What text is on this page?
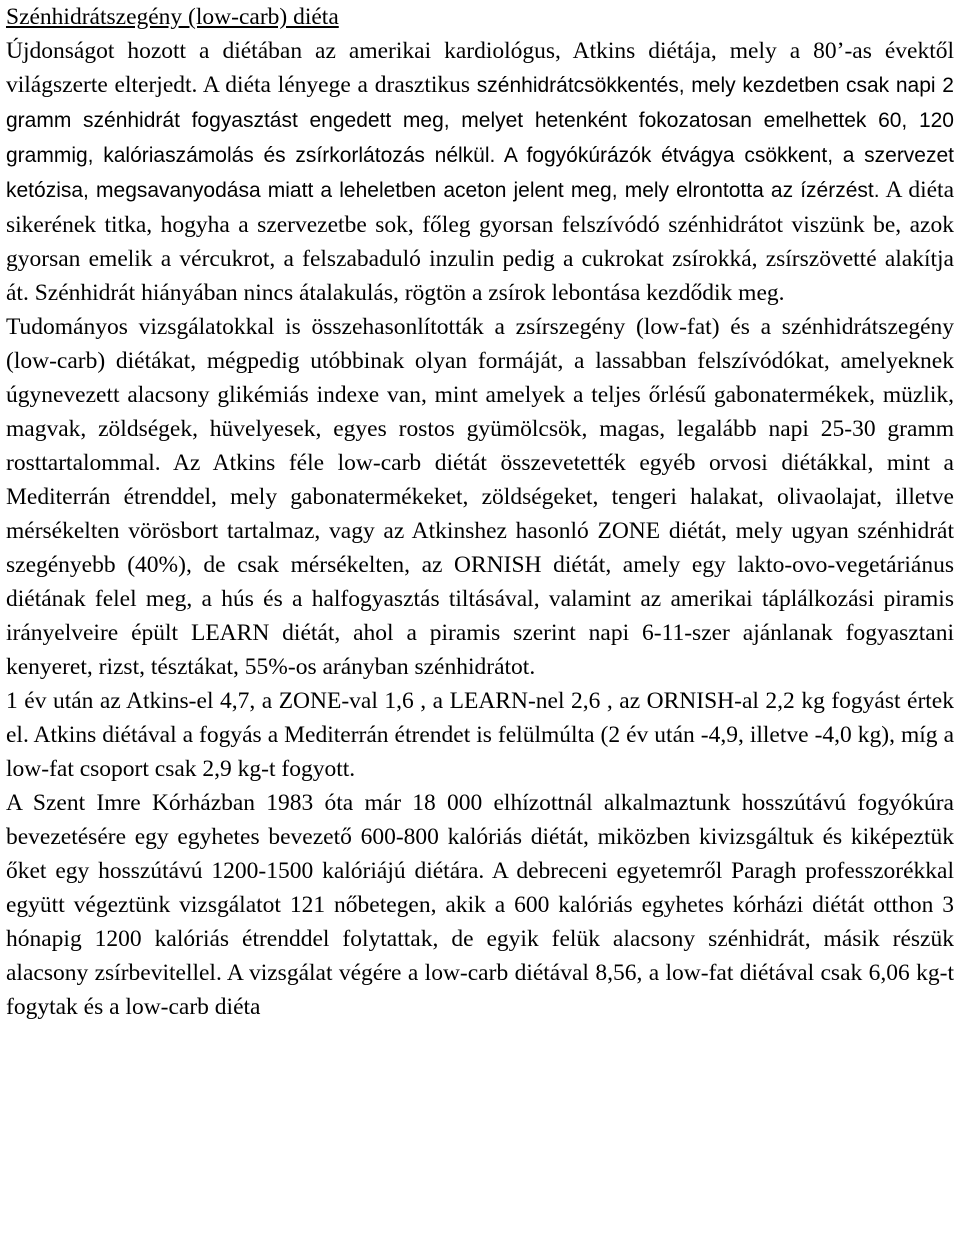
Szénhidrátszegény (low-carb) diéta

Újdonságot hozott a diétában az amerikai kardiológus, Atkins diétája, mely a 80’-as évektől világszerte elterjedt. A diéta lényege a drasztikus szénhidrátcsökkentés, mely kezdetben csak napi 2 gramm szénhidrát fogyasztást engedett meg, melyet hetenként fokozatosan emelhettek 60, 120 grammig, kalóriaszámolás és zsírkorlátozás nélkül. A fogyókúrázók étvágya csökkent, a szervezet ketózisa, megsavanyodása miatt a leheletben aceton jelent meg, mely elrontotta az ízérzést. A diéta sikerének titka, hogyha a szervezetbe sok, főleg gyorsan felszívódó szénhidrátot viszünk be, azok gyorsan emelik a vércukrot, a felszabaduló inzulin pedig a cukrokat zsírokká, zsírszövetté alakítja át. Szénhidrát hiányában nincs átalakulás, rögtön a zsírok lebontása kezdődik meg.

Tudományos vizsgálatokkal is összehasonlították a zsírszegény (low-fat) és a szénhidrátszegény (low-carb) diétákat, mégpedig utóbbinak olyan formáját, a lassabban felszívódókat, amelyeknek úgynevezett alacsony glikémiás indexe van, mint amelyek a teljes őrlésű gabonatermékek, müzlik, magvak, zöldségek, hüvelyesek, egyes rostos gyümölcsök, magas, legalább napi 25-30 gramm rosttartalommal. Az Atkins féle low-carb diétát összevetették egyéb orvosi diétákkal, mint a Mediterrán étrenddel, mely gabonatermékeket, zöldségeket, tengeri halakat, olivaolajat, illetve mérsékelten vörösbort tartalmaz, vagy az Atkinshez hasonló ZONE diétát, mely ugyan szénhidrát szegényebb (40%), de csak mérsékelten, az ORNISH diétát, amely egy lakto-ovo-vegetáriánus diétának felel meg, a hús és a halfogyasztás tiltásával, valamint az amerikai táplálkozási piramis irányelveire épült LEARN diétát, ahol a piramis szerint napi 6-11-szer ajánlanak fogyasztani kenyeret, rizst, tésztákat, 55%-os arányban szénhidrátot.

1 év után az Atkins-el 4,7, a ZONE-val 1,6 , a LEARN-nel 2,6 , az ORNISH-al 2,2 kg fogyást értek el. Atkins diétával a fogyás a Mediterrán étrendet is felülmúlta (2 év után -4,9, illetve -4,0 kg), míg a low-fat csoport csak 2,9 kg-t fogyott.

A Szent Imre Kórházban 1983 óta már 18 000 elhízottnál alkalmaztunk hosszútávú fogyókúra bevezetésére egy egyhetes bevezető 600-800 kalóriás diétát, miközben kivizsgáltuk és kiképeztük őket egy hosszútávú 1200-1500 kalóriájú diétára. A debreceni egyetemről Paragh professzorékkal együtt végeztünk vizsgálatot 121 nőbetegen, akik a 600 kalóriás egyhetes kórházi diétát otthon 3 hónapig 1200 kalóriás étrenddel folytattak, de egyik felük alacsony szénhidrát, másik részük alacsony zsírbevitellel. A vizsgálat végére a low-carb diétával 8,56, a low-fat diétával csak 6,06 kg-t fogytak és a low-carb diéta
